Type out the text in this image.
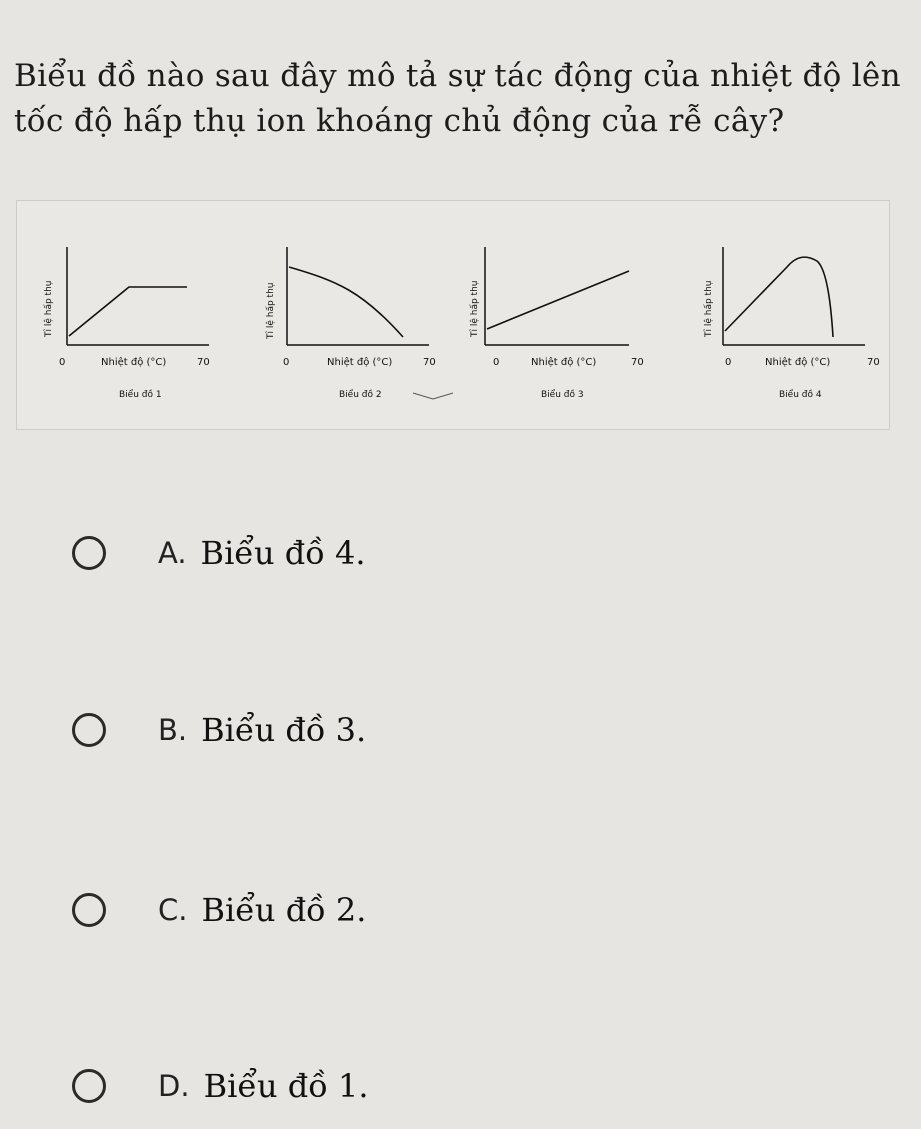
Biểu đồ nào sau đây mô tả sự tác động của nhiệt độ lên tốc độ hấp thụ ion khoáng chủ động của rễ cây?

Tỉ lệ hấp thụ
0	Nhiệt độ (°C)	70
Biểu đồ 1
Tỉ lệ hấp thụ
0	Nhiệt độ (°C)	70
Biểu đồ 2
Tỉ lệ hấp thụ
0	Nhiệt độ (°C)	70
Biểu đồ 3
Tỉ lệ hấp thụ
0	Nhiệt độ (°C)	70
Biểu đồ 4
A. Biểu đồ 4.
B. Biểu đồ 3.
C. Biểu đồ 2.
D. Biểu đồ 1.
